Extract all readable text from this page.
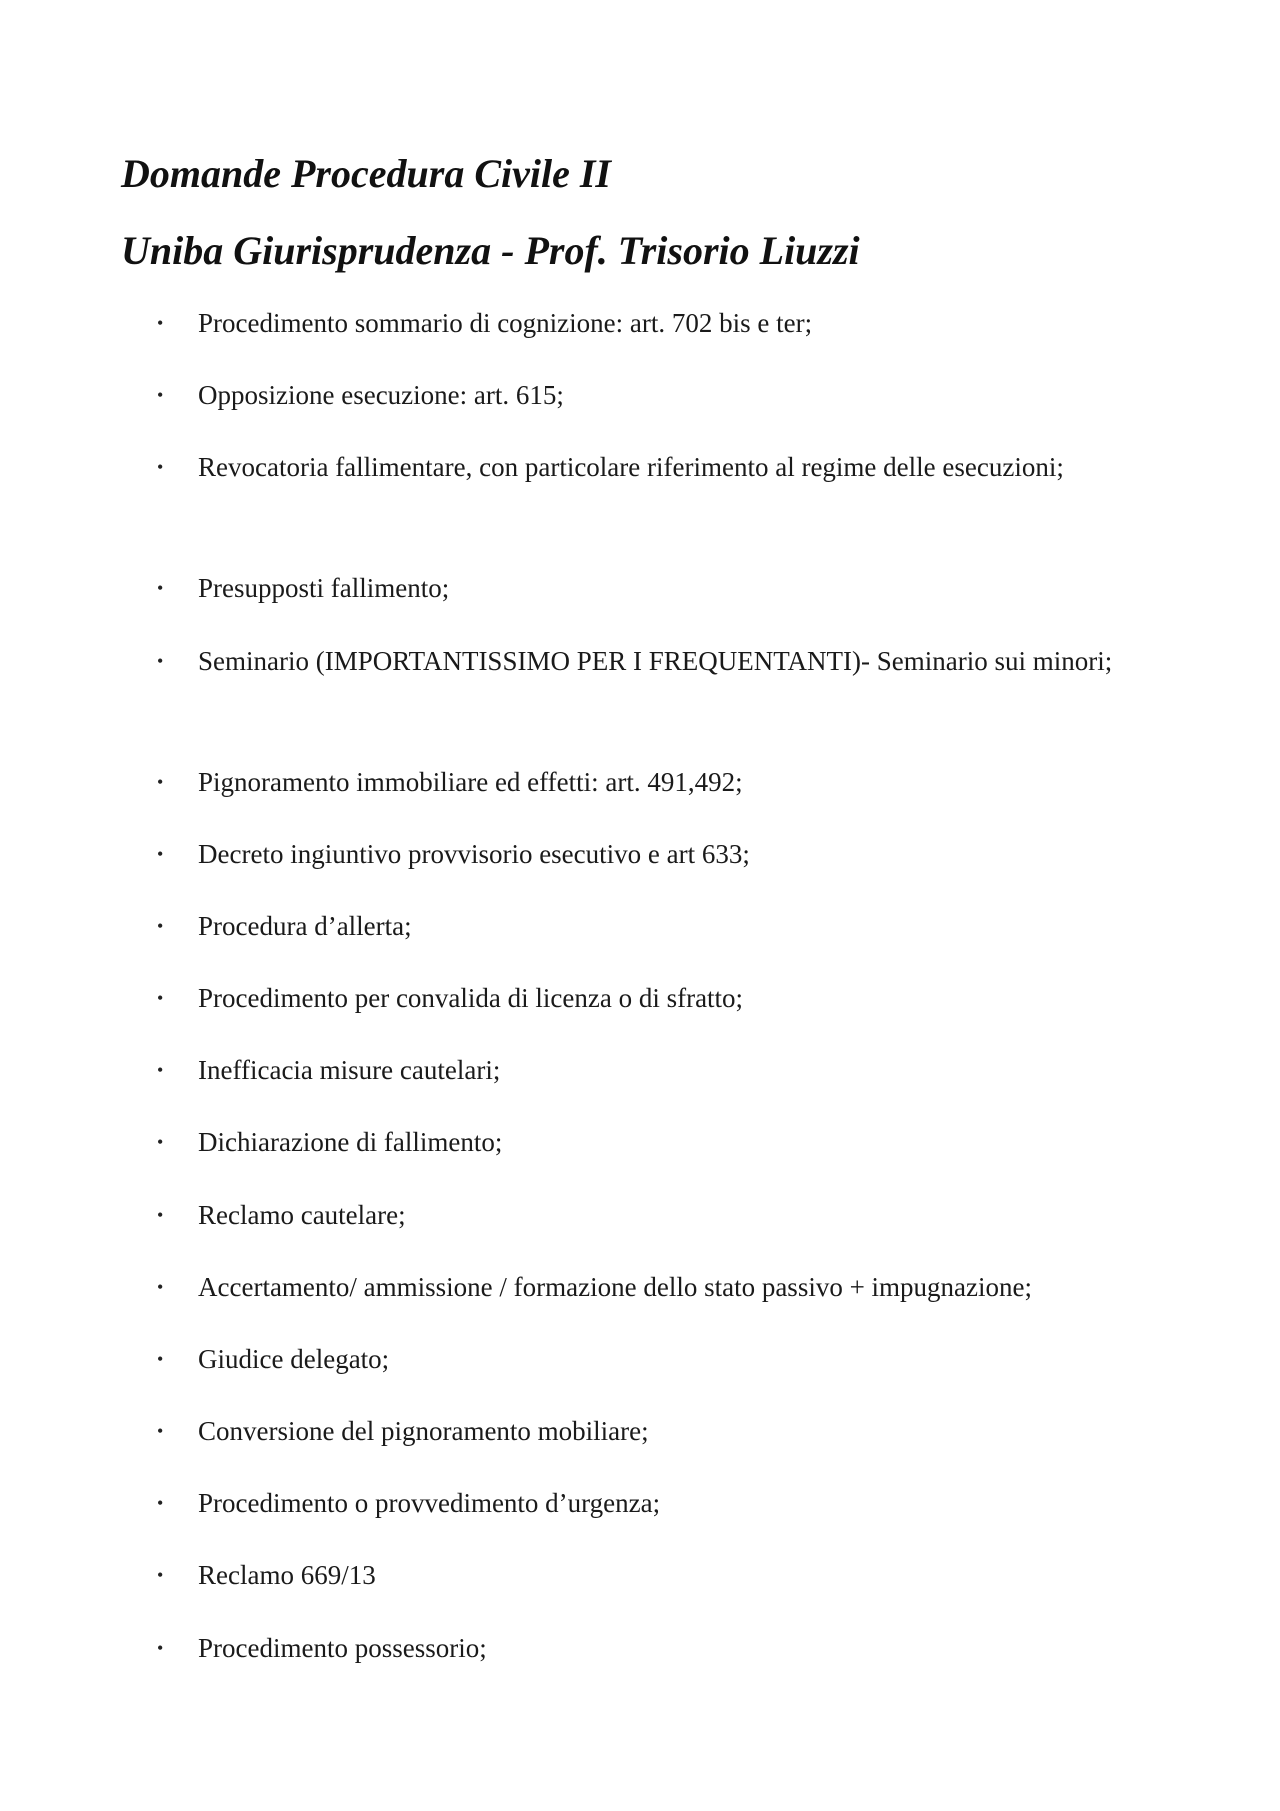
Domande Procedura Civile II
Uniba Giurisprudenza - Prof. Trisorio Liuzzi
• Procedimento sommario di cognizione: art. 702 bis e ter;
• Opposizione esecuzione: art. 615;
• Revocatoria fallimentare, con particolare riferimento al regime delle esecuzioni;
• Presupposti fallimento;
• Seminario (IMPORTANTISSIMO PER I FREQUENTANTI)- Seminario sui minori;
• Pignoramento immobiliare ed effetti: art. 491,492;
• Decreto ingiuntivo provvisorio esecutivo e art 633;
• Procedura d’allerta;
• Procedimento per convalida di licenza o di sfratto;
• Inefficacia misure cautelari;
• Dichiarazione di fallimento;
• Reclamo cautelare;
• Accertamento/ ammissione / formazione dello stato passivo + impugnazione;
• Giudice delegato;
• Conversione del pignoramento mobiliare;
• Procedimento o provvedimento d’urgenza;
• Reclamo 669/13
• Procedimento possessorio;
